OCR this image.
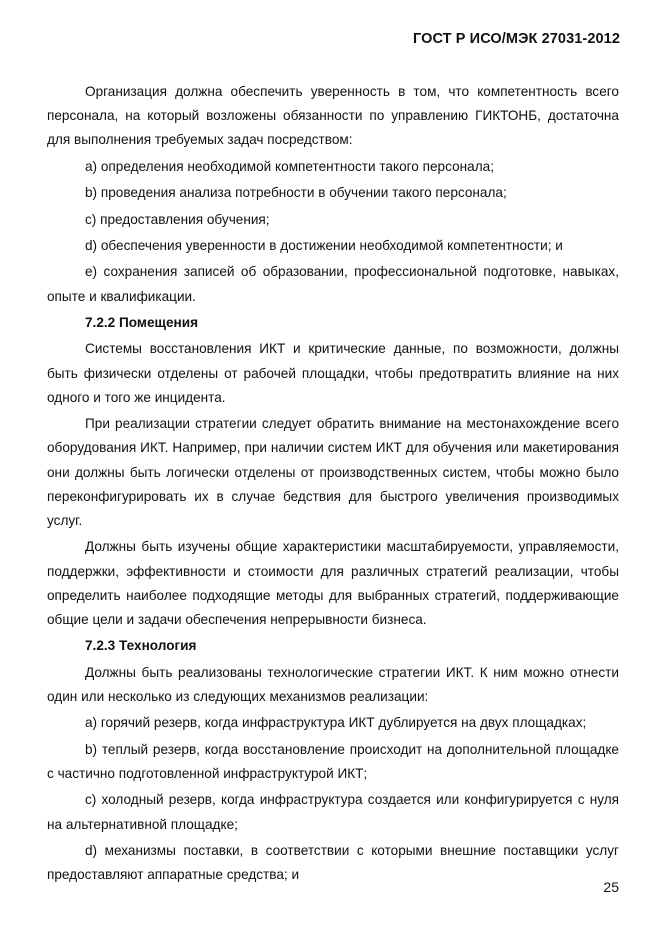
ГОСТ Р ИСО/МЭК 27031-2012

Организация должна обеспечить уверенность в том, что компетентность всего персонала, на который возложены обязанности по управлению ГИКТОНБ, достаточна для выполнения требуемых задач посредством:

a) определения необходимой компетентности такого персонала;

b) проведения анализа потребности в обучении такого персонала;

c) предоставления обучения;

d) обеспечения уверенности в достижении необходимой компетентности; и

e) сохранения записей об образовании, профессиональной подготовке, навыках, опыте и квалификации.

7.2.2 Помещения

Системы восстановления ИКТ и критические данные, по возможности, должны быть физически отделены от рабочей площадки, чтобы предотвратить влияние на них одного и того же инцидента.

При реализации стратегии следует обратить внимание на местонахождение всего оборудования ИКТ. Например, при наличии систем ИКТ для обучения или макетирования они должны быть логически отделены от производственных систем, чтобы можно было переконфигурировать их в случае бедствия для быстрого увеличения производимых услуг.

Должны быть изучены общие характеристики масштабируемости, управляемости, поддержки, эффективности и стоимости для различных стратегий реализации, чтобы определить наиболее подходящие методы для выбранных стратегий, поддерживающие общие цели и задачи обеспечения непрерывности бизнеса.

7.2.3 Технология

Должны быть реализованы технологические стратегии ИКТ. К ним можно отнести один или несколько из следующих механизмов реализации:

a) горячий резерв, когда инфраструктура ИКТ дублируется на двух площадках;

b) теплый резерв, когда восстановление происходит на дополнительной площадке с частично подготовленной инфраструктурой ИКТ;

c) холодный резерв, когда инфраструктура создается или конфигурируется с нуля на альтернативной площадке;

d) механизмы поставки, в соответствии с которыми внешние поставщики услуг предоставляют аппаратные средства; и

25
